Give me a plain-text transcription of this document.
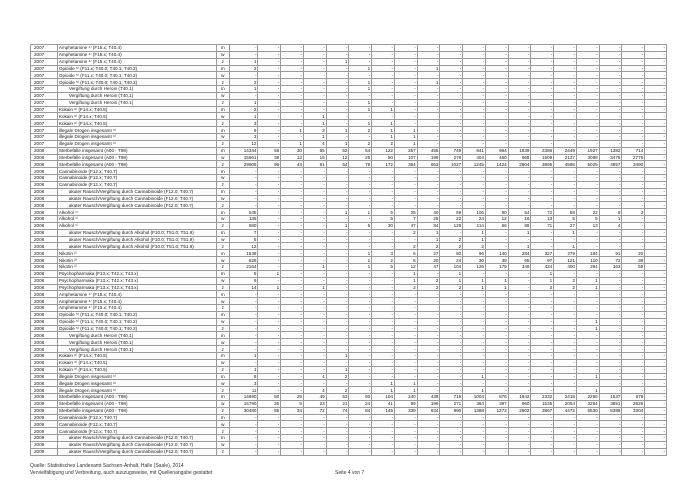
2007	Amphetamine ⁴⁾ (F15.x; T40.4)	m	-	-	-	-	-	-	-	-	-	-	-	-	-	-	-	-	-	-	-
2007	Amphetamine ⁴⁾ (F15.x; T40.4)	w	-	-	-	-	-	-	-	-	-	-	-	-	-	-	-	-	-	-	-
2007	Amphetamine ⁴⁾ (F15.x; T40.4)	z	1	-	-	-	1	-	-	-	-	-	-	-	-	-	-	-	-	-	-
2007	Opioide ⁵⁾ (F11.x; T40.0; T40.1; T40.2)	m	2	-	-	-	-	1	-	-	1	-	-	-	-	-	-	-	-	-	-
2007	Opioide ⁵⁾ (F11.x; T40.0; T40.1; T40.2)	w	-	-	-	-	-	-	-	-	-	-	-	-	-	-	-	-	-	-	-
2007	Opioide ⁵⁾ (F11.x; T40.0; T40.1; T40.2)	z	2	-	-	-	-	1	-	-	1	-	-	-	-	-	-	-	-	-	-
2007	Vergiftung durch Heroin (T40.1)	m	1	-	-	-	-	1	-	-	-	-	-	-	-	-	-	-	-	-	-
2007	Vergiftung durch Heroin (T40.1)	w	-	-	-	-	-	-	-	-	-	-	-	-	-	-	-	-	-	-	-
2007	Vergiftung durch Heroin (T40.1)	z	1	-	-	-	-	1	-	-	-	-	-	-	-	-	-	-	-	-	-
2007	Kokain ⁶⁾ (F14.x; T40.5)	m	2	-	-	-	-	1	1	-	-	-	-	-	-	-	-	-	-	-	-
2007	Kokain ⁶⁾ (F14.x; T40.5)	w	1	-	-	1	-	-	-	-	-	-	-	-	-	-	-	-	-	-	-
2007	Kokain ⁶⁾ (F14.x; T40.5)	z	3	-	-	1	-	1	1	-	-	-	-	-	-	-	-	-	-	-	-
2007	illegale Drogen insgesamt ⁶⁾	m	9	-	1	3	1	2	1	1	-	-	-	-	-	-	-	-	-	-	-
2007	illegale Drogen insgesamt ⁶⁾	w	3	-	-	1	-	-	1	1	-	-	-	-	-	-	-	-	-	-	-
2007	illegale Drogen insgesamt ⁶⁾	z	12	-	1	4	1	2	2	1	-	-	-	-	-	-	-	-	-	-	-
2008	Sterbefälle insgesamt (A00 - T98)	m	14344	58	30	65	52	54	122	257	455	749	841	964	1839	2386	2449	1927	1382	714	-
2008	Sterbefälle insgesamt (A00 - T98)	w	15561	38	13	15	12	25	50	107	198	278	404	460	965	1509	2137	3098	3475	2776	-
2008	Sterbefälle insgesamt (A00 - T98)	z	29905	96	43	81	64	79	172	364	653	1027	1245	1424	2804	3895	4586	5025	4857	3490	-
2008	Cannabinoide (F12.x; T40.7)	m	-	-	-	-	-	-	-	-	-	-	-	-	-	-	-	-	-	-	-
2008	Cannabinoide (F12.x; T40.7)	w	-	-	-	-	-	-	-	-	-	-	-	-	-	-	-	-	-	-	-
2008	Cannabinoide (F12.x; T40.7)	z	-	-	-	-	-	-	-	-	-	-	-	-	-	-	-	-	-	-	-
2008	akuter Rausch/Vergiftung durch Cannabinoide (F12.0; T40.7)	m	-	-	-	-	-	-	-	-	-	-	-	-	-	-	-	-	-	-	-
2008	akuter Rausch/Vergiftung durch Cannabinoide (F12.0; T40.7)	w	-	-	-	-	-	-	-	-	-	-	-	-	-	-	-	-	-	-	-
2008	akuter Rausch/Vergiftung durch Cannabinoide (F12.0; T40.7)	z	-	-	-	-	-	-	-	-	-	-	-	-	-	-	-	-	-	-	-
2008	Alkohol ¹⁾	m	545	-	-	-	1	1	6	25	40	59	106	90	54	72	58	22	8	3	-
2008	Alkohol ¹⁾	w	135	-	-	-	-	-	5	7	25	22	24	12	16	13	5	5	1	-	-
2008	Alkohol ¹⁾	z	680	-	-	-	1	6	30	47	84	128	114	66	88	71	27	13	4	-	-
2008	akuter Rausch/Vergiftung durch Alkohol (F10.0; T51.0; T51.9)	m	7	-	-	-	-	-	-	2	1	-	1	-	1	-	1	-	-	-	-
2008	akuter Rausch/Vergiftung durch Alkohol (F10.0; T51.0; T51.9)	w	5	-	-	-	-	-	-	-	1	2	1	-	-	-	-	-	-	-	-
2008	akuter Rausch/Vergiftung durch Alkohol (F10.0; T51.0; T51.9)	z	12	-	-	-	-	-	-	2	2	2	2	-	1	-	1	-	-	-	-
2008	Nikotin ²⁾	m	1538	-	-	-	-	1	3	6	27	80	96	140	284	327	279	184	91	20	-
2008	Nikotin ²⁾	w	626	-	-	-	-	1	2	6	20	24	30	39	65	97	121	110	72	39	-
2008	Nikotin ²⁾	z	2164	-	-	1	-	1	5	12	47	104	126	179	349	424	400	294	163	59	-
2008	Psychopharmaka (F13.x; T42.x; T43.x)	m	5	1	-	-	-	-	-	1	-	1	-	-	-	1	-	-	-	-	-
2008	Psychopharmaka (F13.x; T42.x; T43.x)	w	9	-	-	-	-	-	-	1	2	1	1	1	-	1	2	1	-	-	-
2008	Psychopharmaka (F13.x; T42.x; T43.x)	z	14	1	-	1	-	-	-	2	2	2	1	1	-	2	2	1	-	-	-
2008	Amphetamine ⁴⁾ (F15.x; T40.4)	m	-	-	-	-	-	-	-	-	-	-	-	-	-	-	-	-	-	-	-
2008	Amphetamine ⁴⁾ (F15.x; T40.4)	w	-	-	-	-	-	-	-	-	-	-	-	-	-	-	-	-	-	-	-
2008	Amphetamine ⁴⁾ (F15.x; T40.4)	z	-	-	-	-	-	-	-	-	-	-	-	-	-	-	-	-	-	-	-
2008	Opioide ⁵⁾ (F11.x; T40.0; T40.1; T40.2)	m	-	-	-	-	-	-	-	-	-	-	-	-	-	-	-	-	-	-	-
2008	Opioide ⁵⁾ (F11.x; T40.0; T40.1; T40.2)	w	-	-	-	-	-	-	-	-	-	-	-	-	-	-	-	1	-	-	-
2008	Opioide ⁵⁾ (F11.x; T40.0; T40.1; T40.2)	z	-	-	-	-	-	-	-	-	-	-	-	-	-	-	-	1	-	-	-
2008	Vergiftung durch Heroin (T40.1)	m	-	-	-	-	-	-	-	-	-	-	-	-	-	-	-	-	-	-	-
2008	Vergiftung durch Heroin (T40.1)	w	-	-	-	-	-	-	-	-	-	-	-	-	-	-	-	-	-	-	-
2008	Vergiftung durch Heroin (T40.1)	z	-	-	-	-	-	-	-	-	-	-	-	-	-	-	-	-	-	-	-
2008	Kokain ⁶⁾ (F14.x; T40.5)	m	1	-	-	-	1	-	-	-	-	-	-	-	-	-	-	-	-	-	-
2008	Kokain ⁶⁾ (F14.x; T40.5)	w	-	-	-	-	-	-	-	-	-	-	-	-	-	-	-	-	-	-	-
2008	Kokain ⁶⁾ (F14.x; T40.5)	z	1	-	-	-	1	-	-	-	-	-	-	-	-	-	-	-	-	-	-
2008	illegale Drogen insgesamt ⁶⁾	m	8	-	-	4	2	-	-	-	-	-	1	-	-	-	-	1	-	-	-
2008	illegale Drogen insgesamt ⁶⁾	w	3	-	-	-	-	-	1	1	-	-	-	-	-	-	-	-	-	-	-
2008	illegale Drogen insgesamt ⁶⁾	z	11	-	-	4	2	-	1	1	-	-	1	-	-	-	-	1	-	-	-
2009	Sterbefälle insgesamt (A00 - T98)	m	14690	50	25	49	53	60	104	240	438	719	1004	876	1842	2332	2418	2266	1537	678	-
2009	Sterbefälle insgesamt (A00 - T98)	w	15790	35	9	23	21	24	41	99	196	271	384	397	960	1535	2054	3264	3851	2626	-
2009	Sterbefälle insgesamt (A00 - T98)	z	30480	85	34	72	74	84	145	339	634	990	1388	1273	2802	3867	4472	5530	5388	3304	-
2009	Cannabinoide (F12.x; T40.7)	m	-	-	-	-	-	-	-	-	-	-	-	-	-	-	-	-	-	-	-
2009	Cannabinoide (F12.x; T40.7)	w	-	-	-	-	-	-	-	-	-	-	-	-	-	-	-	-	-	-	-
2009	Cannabinoide (F12.x; T40.7)	z	-	-	-	-	-	-	-	-	-	-	-	-	-	-	-	-	-	-	-
2009	akuter Rausch/Vergiftung durch Cannabinoide (F12.0; T40.7)	m	-	-	-	-	-	-	-	-	-	-	-	-	-	-	-	-	-	-	-
2009	akuter Rausch/Vergiftung durch Cannabinoide (F12.0; T40.7)	w	-	-	-	-	-	-	-	-	-	-	-	-	-	-	-	-	-	-	-
2009	akuter Rausch/Vergiftung durch Cannabinoide (F12.0; T40.7)	z	-	-	-	-	-	-	-	-	-	-	-	-	-	-	-	-	-	-	-
Quelle: Statistisches Landesamt Sachsen-Anhalt, Halle (Saale), 2014
Vervielfältigung und Verbreitung, auch auszugsweise, mit Quellenangabe gestattet	Seite 4 von 7
